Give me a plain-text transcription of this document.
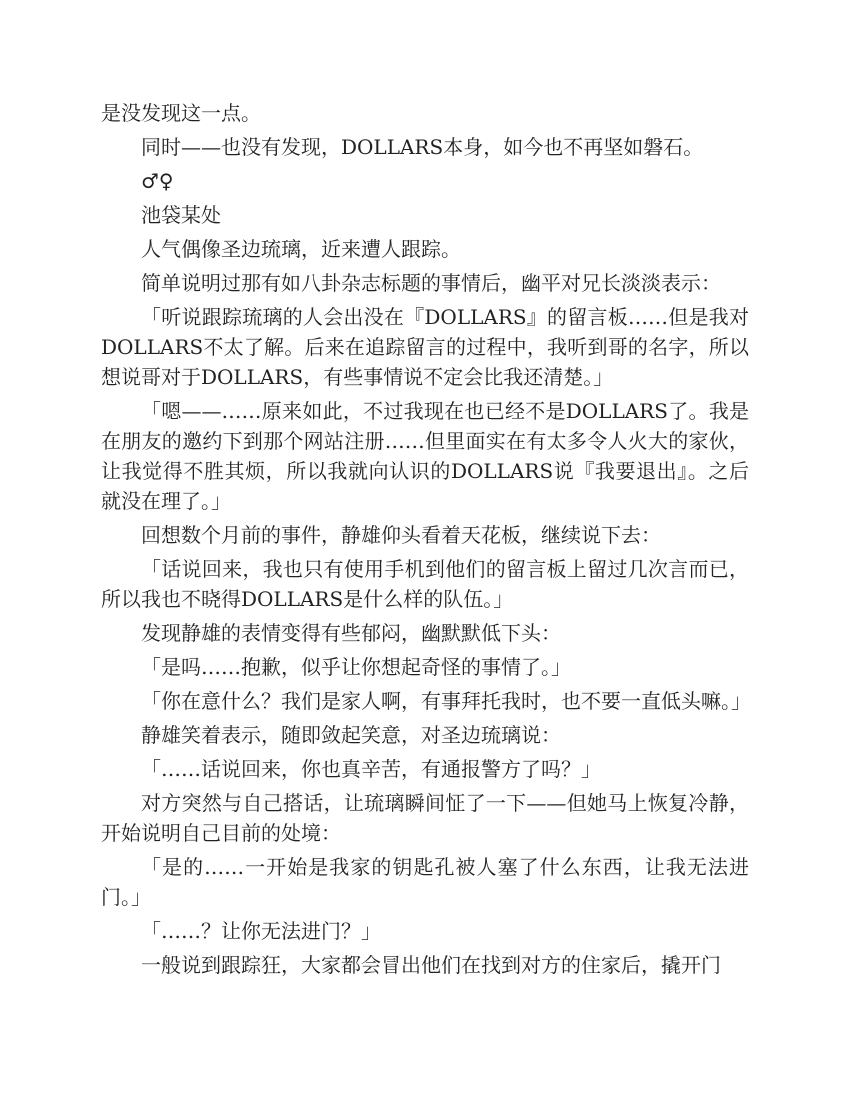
是没发现这一点。

同时——也没有发现，DOLLARS本身，如今也不再坚如磐石。

♂♀

池袋某处

人气偶像圣边琉璃，近来遭人跟踪。

简单说明过那有如八卦杂志标题的事情后，幽平对兄长淡淡表示：

「听说跟踪琉璃的人会出没在『DOLLARS』的留言板……但是我对DOLLARS不太了解。后来在追踪留言的过程中，我听到哥的名字，所以想说哥对于DOLLARS，有些事情说不定会比我还清楚。」

「嗯——……原来如此，不过我现在也已经不是DOLLARS了。我是在朋友的邀约下到那个网站注册……但里面实在有太多令人火大的家伙，让我觉得不胜其烦，所以我就向认识的DOLLARS说『我要退出』。之后就没在理了。」

回想数个月前的事件，静雄仰头看着天花板，继续说下去：

「话说回来，我也只有使用手机到他们的留言板上留过几次言而已，所以我也不晓得DOLLARS是什么样的队伍。」

发现静雄的表情变得有些郁闷，幽默默低下头：

「是吗……抱歉，似乎让你想起奇怪的事情了。」

「你在意什么？我们是家人啊，有事拜托我时，也不要一直低头嘛。」

静雄笑着表示，随即敛起笑意，对圣边琉璃说：

「……话说回来，你也真辛苦，有通报警方了吗？」

对方突然与自己搭话，让琉璃瞬间怔了一下——但她马上恢复冷静，开始说明自己目前的处境：

「是的……一开始是我家的钥匙孔被人塞了什么东西，让我无法进门。」

「……？让你无法进门？」

一般说到跟踪狂，大家都会冒出他们在找到对方的住家后，撬开门
